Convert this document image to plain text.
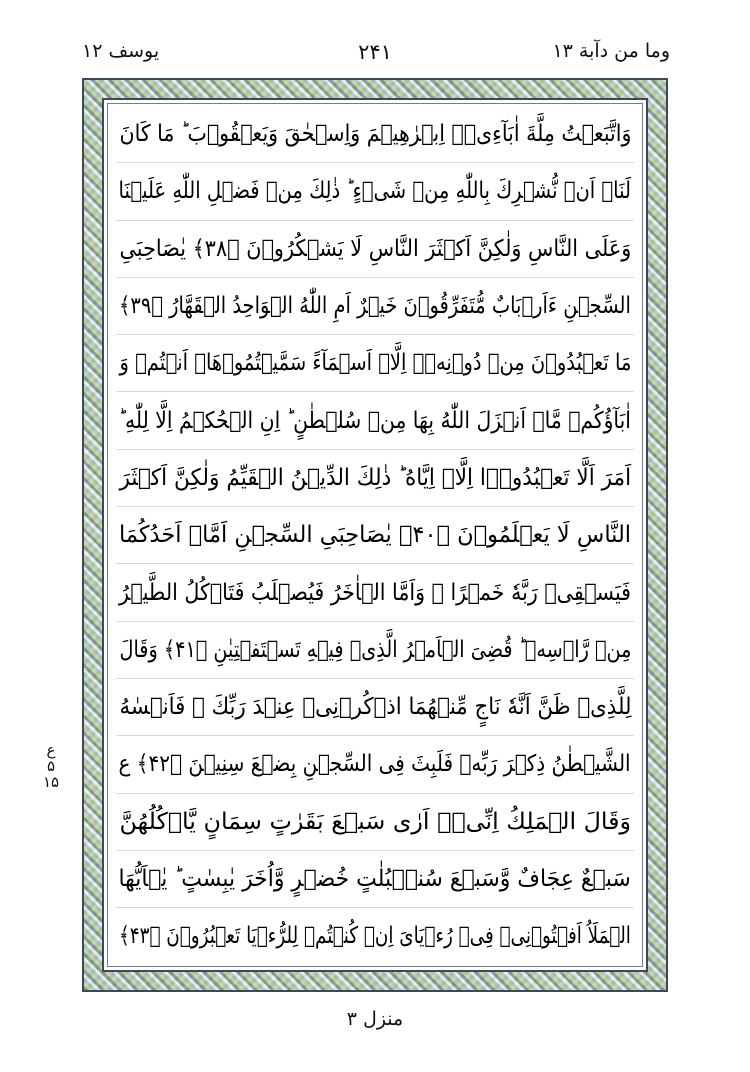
وما من دآبة ۱۳
۲۴۱
یوسف ۱۲
وَاتَّبَعۡتُ مِلَّةَ اٰبَآءِیۡۤ اِبۡرٰهِیۡمَ وَاِسۡحٰقَ وَیَعۡقُوۡبَ ؕ مَا كَانَ
لَنَاۤ اَنۡ نُّشۡرِكَ بِاللّٰهِ مِنۡ شَیۡءٍ ؕ ذٰلِكَ مِنۡ فَضۡلِ اللّٰهِ عَلَیۡنَا
وَعَلَی النَّاسِ وَلٰكِنَّ اَكۡثَرَ النَّاسِ لَا یَشۡكُرُوۡنَ ﴿۳۸﴾ یٰصَاحِبَیِ
السِّجۡنِ ءَاَرۡبَابٌ مُّتَفَرِّقُوۡنَ خَیۡرٌ اَمِ اللّٰهُ الۡوَاحِدُ الۡقَهَّارُ ﴿۳۹﴾
مَا تَعۡبُدُوۡنَ مِنۡ دُوۡنِهٖۤ اِلَّاۤ اَسۡمَآءً سَمَّیۡتُمُوۡهَاۤ اَنۡتُمۡ وَ
اٰبَآؤُكُمۡ مَّاۤ اَنۡزَلَ اللّٰهُ بِهَا مِنۡ سُلۡطٰنٍ ؕ اِنِ الۡحُكۡمُ اِلَّا لِلّٰهِ ؕ
اَمَرَ اَلَّا تَعۡبُدُوۡۤا اِلَّاۤ اِیَّاهُ ؕ ذٰلِكَ الدِّیۡنُ الۡقَیِّمُ وَلٰكِنَّ اَكۡثَرَ
النَّاسِ لَا یَعۡلَمُوۡنَ ﴿۴۰﴾ یٰصَاحِبَیِ السِّجۡنِ اَمَّاۤ اَحَدُكُمَا
فَیَسۡقِیۡ رَبَّهٗ خَمۡرًا ۚ وَاَمَّا الۡاٰخَرُ فَیُصۡلَبُ فَتَاۡكُلُ الطَّیۡرُ
مِنۡ رَّاۡسِهٖ ؕ قُضِیَ الۡاَمۡرُ الَّذِیۡ فِیۡهِ تَسۡتَفۡتِیٰنِ ﴿۴۱﴾ وَقَالَ
لِلَّذِیۡ ظَنَّ اَنَّهٗ نَاجٍ مِّنۡهُمَا اذۡكُرۡنِیۡ عِنۡدَ رَبِّكَ ۫ فَاَنۡسٰهُ
الشَّیۡطٰنُ ذِكۡرَ رَبِّهٖ فَلَبِثَ فِی السِّجۡنِ بِضۡعَ سِنِیۡنَ ﴿۴۲﴾ ع
وَقَالَ الۡمَلِكُ اِنِّیۡۤ اَرٰی سَبۡعَ بَقَرٰتٍ سِمَانٍ یَّاۡكُلُهُنَّ
سَبۡعٌ عِجَافٌ وَّسَبۡعَ سُنۡۢبُلٰتٍ خُضۡرٍ وَّاُخَرَ یٰبِسٰتٍ ؕ یٰۤاَیُّهَا
الۡمَلَاُ اَفۡتُوۡنِیۡ فِیۡ رُءۡیَایَ اِنۡ كُنۡتُمۡ لِلرُّءۡیَا تَعۡبُرُوۡنَ ﴿۴۳﴾
ع
۵
۱۵
منزل ۳
